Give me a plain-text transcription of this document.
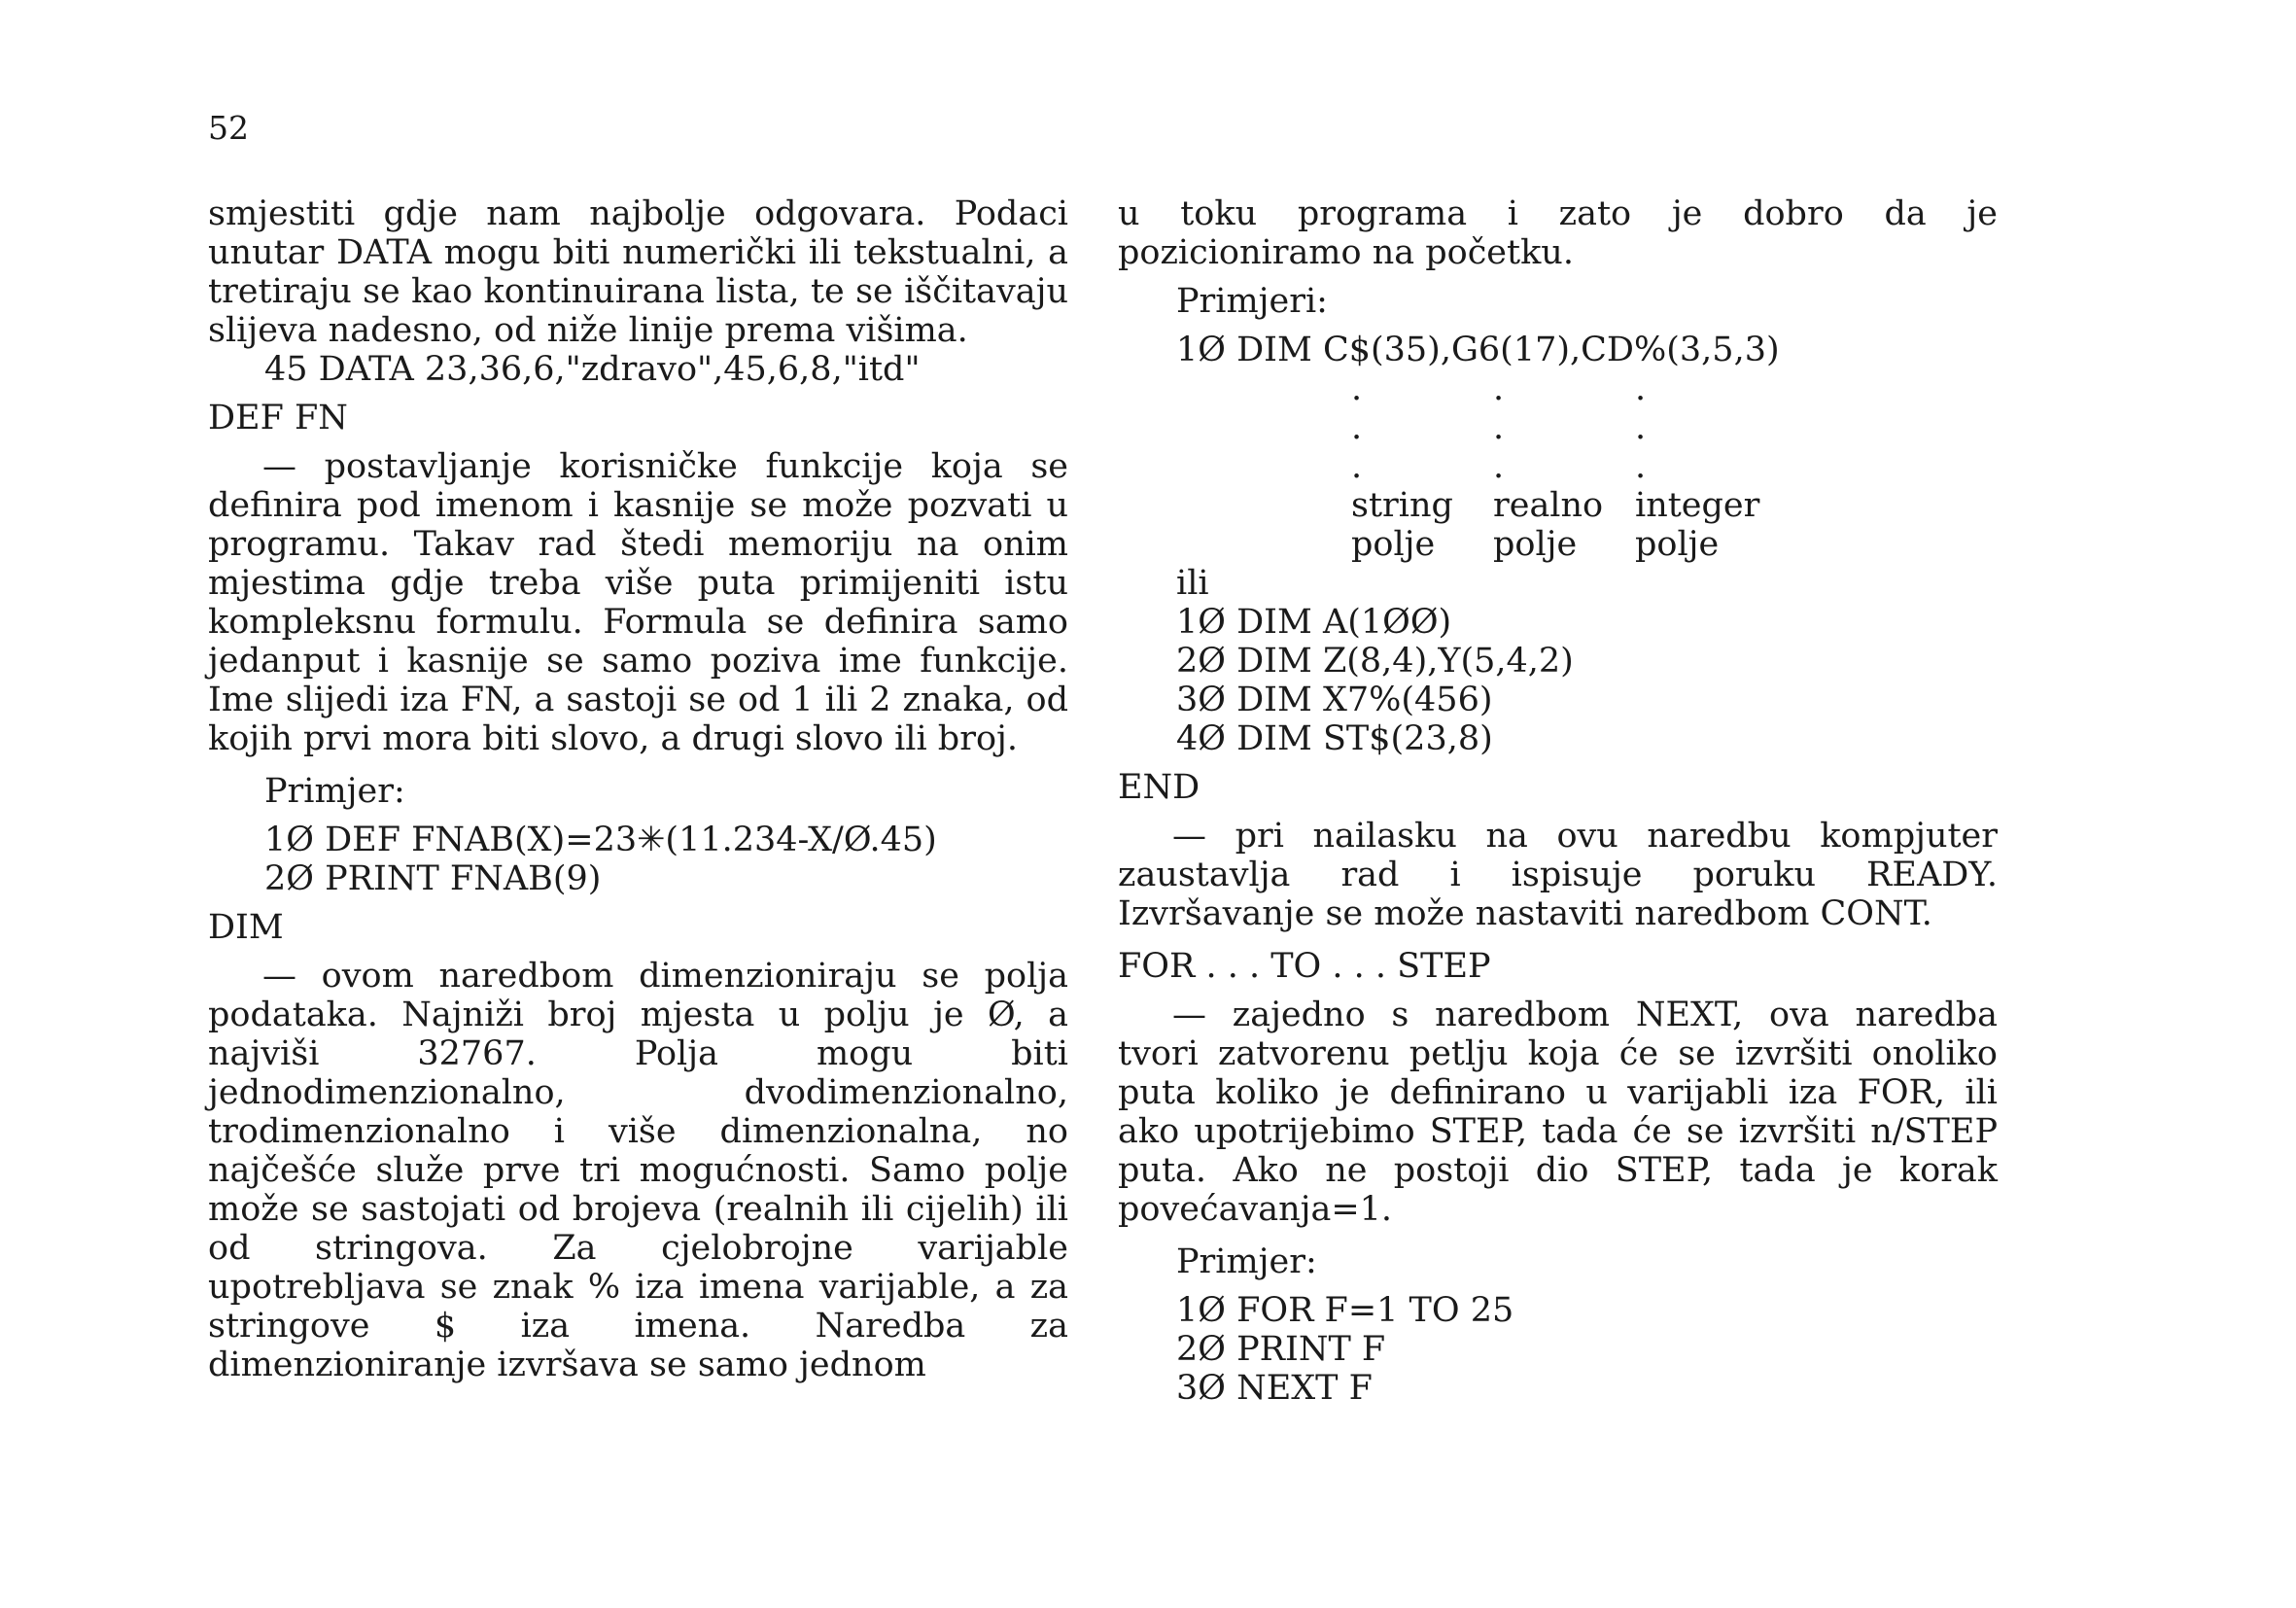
52

smjestiti gdje nam najbolje odgovara. Podaci unutar DATA mogu biti numerički ili tekstualni, a tretiraju se kao kontinuirana lista, te se iščitavaju slijeva nadesno, od niže linije prema višima.

45 DATA 23,36,6,"zdravo",45,6,8,"itd"

DEF FN

— postavljanje korisničke funkcije koja se definira pod imenom i kasnije se može pozvati u programu. Takav rad štedi memoriju na onim mjestima gdje treba više puta primijeniti istu kompleksnu formulu. Formula se definira samo jedanput i kasnije se samo poziva ime funkcije. Ime slijedi iza FN, a sastoji se od 1 ili 2 znaka, od kojih prvi mora biti slovo, a drugi slovo ili broj.

Primjer:

1Ø DEF FNAB(X)=23✳(11.234-X/Ø.45)

2Ø PRINT FNAB(9)

DIM

— ovom naredbom dimenzioniraju se polja podataka. Najniži broj mjesta u polju je Ø, a najviši 32767. Polja mogu biti jednodimenzionalno, dvodimenzionalno, trodimenzionalno i više dimenzionalna, no najčešće služe prve tri mogućnosti. Samo polje može se sastojati od brojeva (realnih ili cijelih) ili od stringova. Za cjelobrojne varijable upotrebljava se znak % iza imena varijable, a za stringove $ iza imena. Naredba za dimenzioniranje izvršava se samo jednom

u toku programa i zato je dobro da je pozicioniramo na početku.

Primjeri:

1Ø DIM C$(35),G6(17),CD%(3,5,3)

.	.	.
.	.	.
.	.	.
string	realno integer
polje	polje	polje

ili

1Ø DIM A(1ØØ)

2Ø DIM Z(8,4),Y(5,4,2)

3Ø DIM X7%(456)

4Ø DIM ST$(23,8)

END

— pri nailasku na ovu naredbu kompjuter zaustavlja rad i ispisuje poruku READY. Izvršavanje se može nastaviti naredbom CONT.

FOR . . . TO . . . STEP

— zajedno s naredbom NEXT, ova naredba tvori zatvorenu petlju koja će se izvršiti onoliko puta koliko je definirano u varijabli iza FOR, ili ako upotrijebimo STEP, tada će se izvršiti n/STEP puta. Ako ne postoji dio STEP, tada je korak povećavanja=1.

Primjer:

1Ø FOR F=1 TO 25

2Ø PRINT F

3Ø NEXT F
